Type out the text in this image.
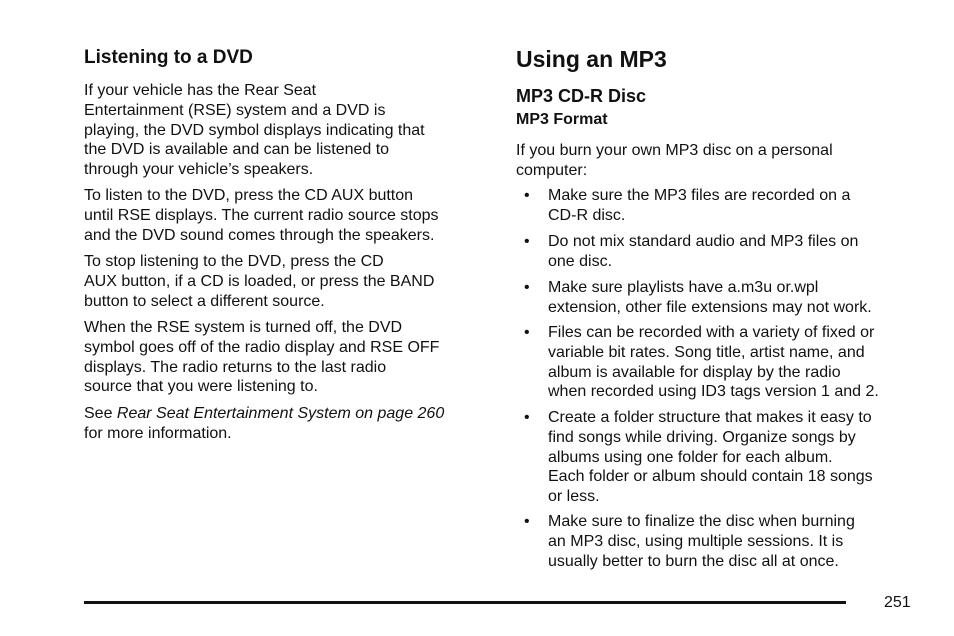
Listening to a DVD

If your vehicle has the Rear Seat
Entertainment (RSE) system and a DVD is
playing, the DVD symbol displays indicating that
the DVD is available and can be listened to
through your vehicle’s speakers.

To listen to the DVD, press the CD AUX button
until RSE displays. The current radio source stops
and the DVD sound comes through the speakers.

To stop listening to the DVD, press the CD
AUX button, if a CD is loaded, or press the BAND
button to select a different source.

When the RSE system is turned off, the DVD
symbol goes off of the radio display and RSE OFF
displays. The radio returns to the last radio
source that you were listening to.

See Rear Seat Entertainment System on page 260
for more information.

Using an MP3
MP3 CD-R Disc
MP3 Format

If you burn your own MP3 disc on a personal
computer:

• Make sure the MP3 files are recorded on a
CD-R disc.
• Do not mix standard audio and MP3 files on
one disc.
• Make sure playlists have a.m3u or.wpl
extension, other file extensions may not work.
• Files can be recorded with a variety of fixed or
variable bit rates. Song title, artist name, and
album is available for display by the radio
when recorded using ID3 tags version 1 and 2.
• Create a folder structure that makes it easy to
find songs while driving. Organize songs by
albums using one folder for each album.
Each folder or album should contain 18 songs
or less.
• Make sure to finalize the disc when burning
an MP3 disc, using multiple sessions. It is
usually better to burn the disc all at once.
251
